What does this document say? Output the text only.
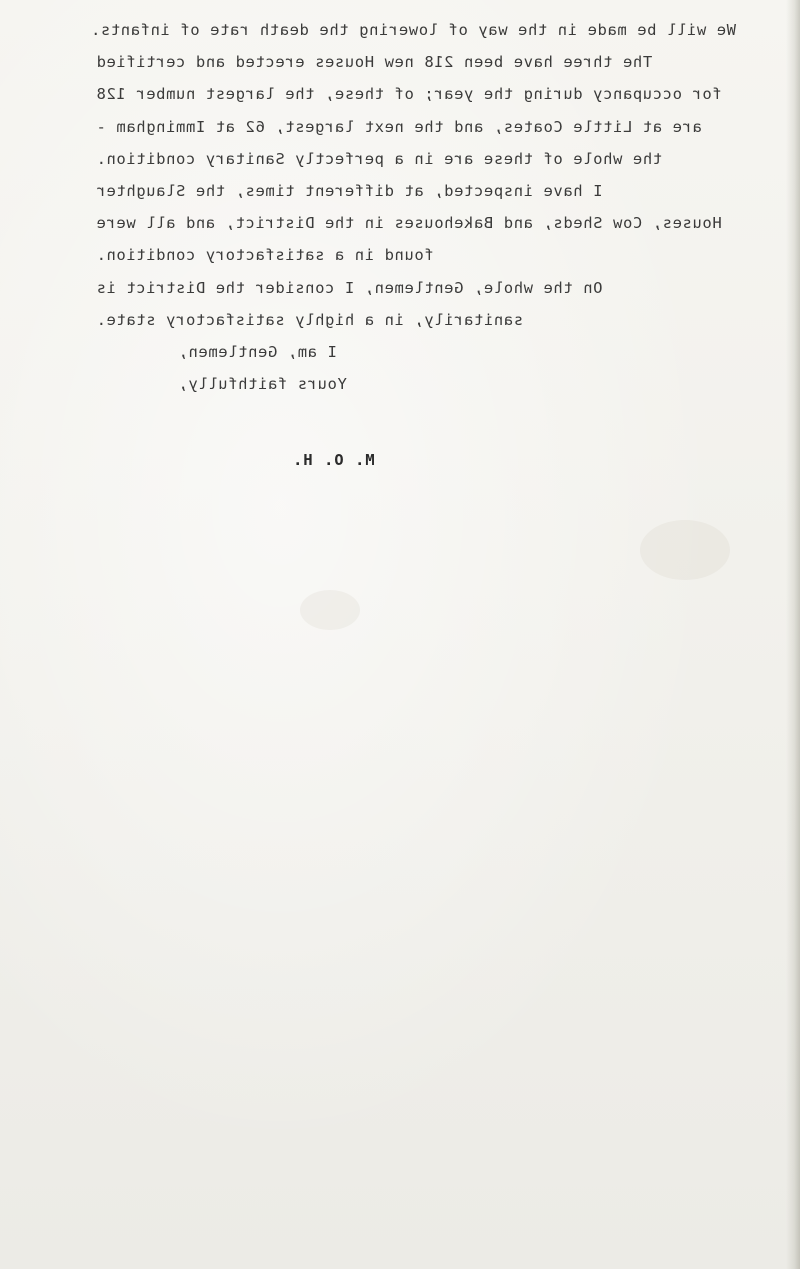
We will be made in the way of lowering the death rate of infants.
The three have been 218 new Houses erected and certified
for occupancy during the year; of these, the largest number 128
are at Little Coates, and the next largest, 62 at Immingham -
the whole of these are in a perfectly Sanitary condition.
I have inspected, at different times, the Slaughter
Houses, Cow Sheds, and Bakehouses in the District, and all were
found in a satisfactory condition.
On the whole, Gentlemen, I consider the District is
sanitarily, in a highly satisfactory state.
I am, Gentlemen,
Yours faithfully,
M. O. H.
